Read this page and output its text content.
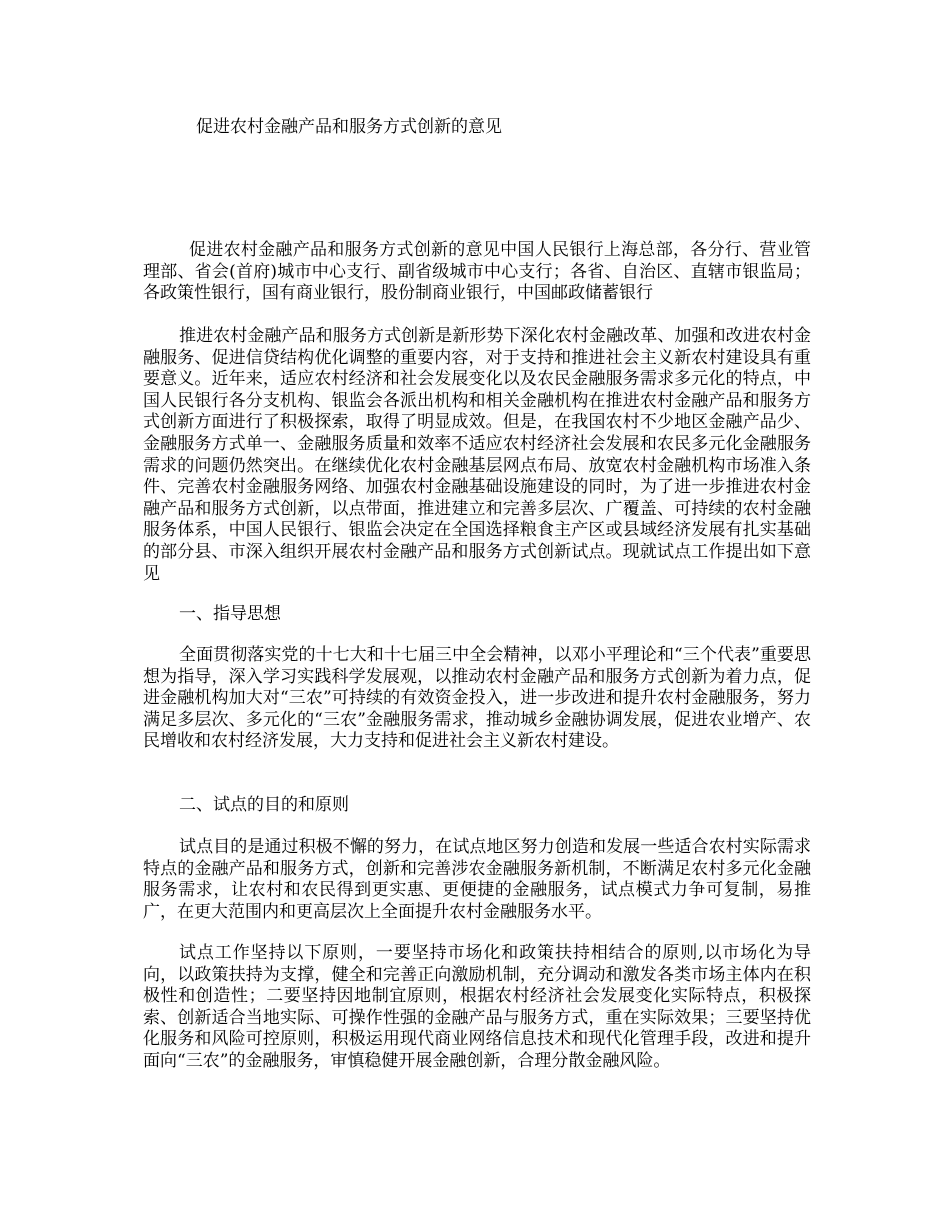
促进农村金融产品和服务方式创新的意见

促进农村金融产品和服务方式创新的意见中国人民银行上海总部，各分行、营业管理部、省会(首府)城市中心支行、副省级城市中心支行；各省、自治区、直辖市银监局；各政策性银行，国有商业银行，股份制商业银行，中国邮政储蓄银行

推进农村金融产品和服务方式创新是新形势下深化农村金融改革、加强和改进农村金融服务、促进信贷结构优化调整的重要内容，对于支持和推进社会主义新农村建设具有重要意义。近年来，适应农村经济和社会发展变化以及农民金融服务需求多元化的特点，中国人民银行各分支机构、银监会各派出机构和相关金融机构在推进农村金融产品和服务方式创新方面进行了积极探索，取得了明显成效。但是，在我国农村不少地区金融产品少、金融服务方式单一、金融服务质量和效率不适应农村经济社会发展和农民多元化金融服务需求的问题仍然突出。在继续优化农村金融基层网点布局、放宽农村金融机构市场准入条件、完善农村金融服务网络、加强农村金融基础设施建设的同时，为了进一步推进农村金融产品和服务方式创新，以点带面，推进建立和完善多层次、广覆盖、可持续的农村金融服务体系，中国人民银行、银监会决定在全国选择粮食主产区或县域经济发展有扎实基础的部分县、市深入组织开展农村金融产品和服务方式创新试点。现就试点工作提出如下意见

一、指导思想

全面贯彻落实党的十七大和十七届三中全会精神，以邓小平理论和“三个代表”重要思想为指导，深入学习实践科学发展观，以推动农村金融产品和服务方式创新为着力点，促进金融机构加大对“三农”可持续的有效资金投入，进一步改进和提升农村金融服务，努力满足多层次、多元化的“三农”金融服务需求，推动城乡金融协调发展，促进农业增产、农民增收和农村经济发展，大力支持和促进社会主义新农村建设。

二、试点的目的和原则

试点目的是通过积极不懈的努力，在试点地区努力创造和发展一些适合农村实际需求特点的金融产品和服务方式，创新和完善涉农金融服务新机制，不断满足农村多元化金融服务需求，让农村和农民得到更实惠、更便捷的金融服务，试点模式力争可复制，易推广，在更大范围内和更高层次上全面提升农村金融服务水平。

试点工作坚持以下原则，一要坚持市场化和政策扶持相结合的原则,以市场化为导向，以政策扶持为支撑，健全和完善正向激励机制，充分调动和激发各类市场主体内在积极性和创造性；二要坚持因地制宜原则，根据农村经济社会发展变化实际特点，积极探索、创新适合当地实际、可操作性强的金融产品与服务方式，重在实际效果；三要坚持优化服务和风险可控原则，积极运用现代商业网络信息技术和现代化管理手段，改进和提升面向“三农”的金融服务，审慎稳健开展金融创新，合理分散金融风险。
